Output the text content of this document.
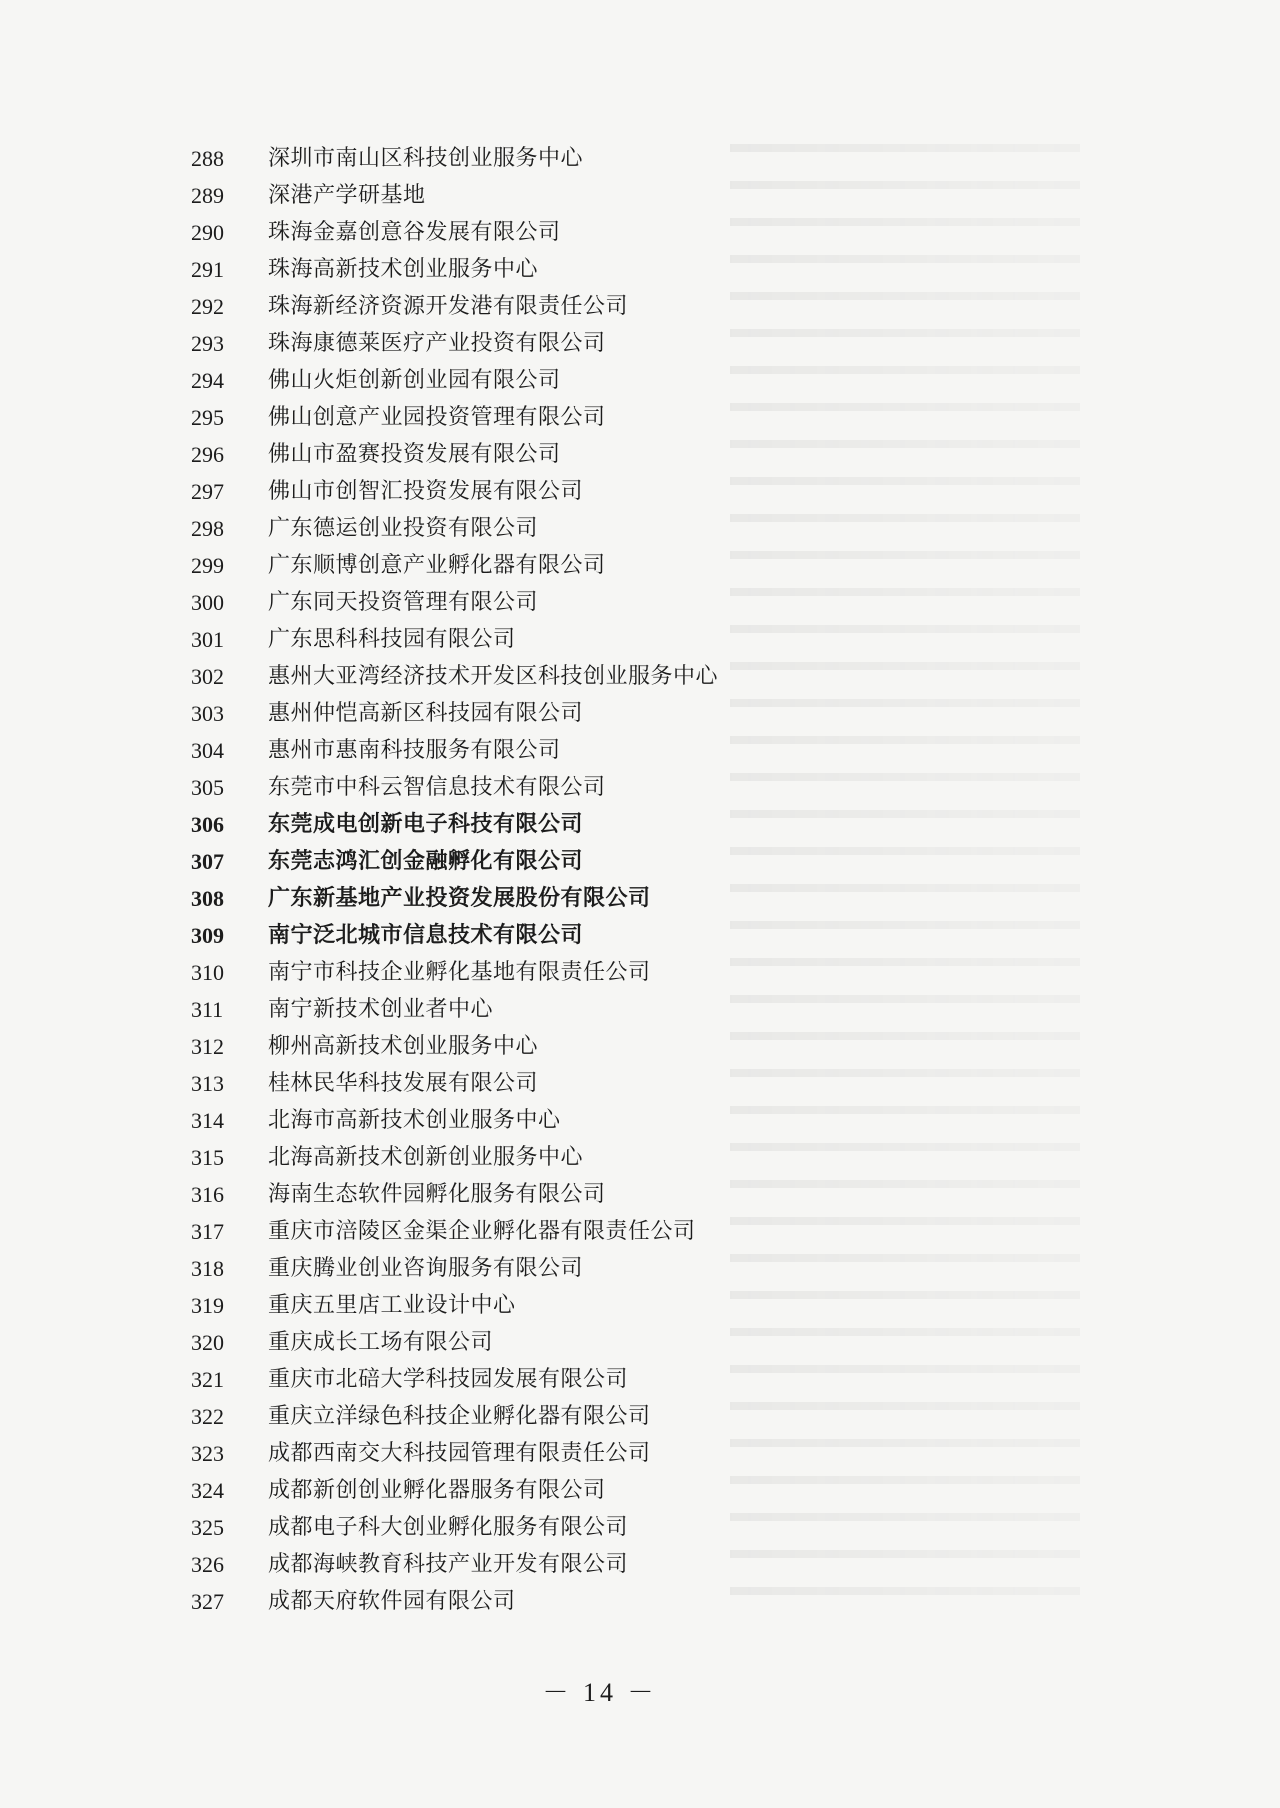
288 深圳市南山区科技创业服务中心
289 深港产学研基地
290 珠海金嘉创意谷发展有限公司
291 珠海高新技术创业服务中心
292 珠海新经济资源开发港有限责任公司
293 珠海康德莱医疗产业投资有限公司
294 佛山火炬创新创业园有限公司
295 佛山创意产业园投资管理有限公司
296 佛山市盈赛投资发展有限公司
297 佛山市创智汇投资发展有限公司
298 广东德运创业投资有限公司
299 广东顺博创意产业孵化器有限公司
300 广东同天投资管理有限公司
301 广东思科科技园有限公司
302 惠州大亚湾经济技术开发区科技创业服务中心
303 惠州仲恺高新区科技园有限公司
304 惠州市惠南科技服务有限公司
305 东莞市中科云智信息技术有限公司
306 东莞成电创新电子科技有限公司
307 东莞志鸿汇创金融孵化有限公司
308 广东新基地产业投资发展股份有限公司
309 南宁泛北城市信息技术有限公司
310 南宁市科技企业孵化基地有限责任公司
311 南宁新技术创业者中心
312 柳州高新技术创业服务中心
313 桂林民华科技发展有限公司
314 北海市高新技术创业服务中心
315 北海高新技术创新创业服务中心
316 海南生态软件园孵化服务有限公司
317 重庆市涪陵区金渠企业孵化器有限责任公司
318 重庆腾业创业咨询服务有限公司
319 重庆五里店工业设计中心
320 重庆成长工场有限公司
321 重庆市北碚大学科技园发展有限公司
322 重庆立洋绿色科技企业孵化器有限公司
323 成都西南交大科技园管理有限责任公司
324 成都新创创业孵化器服务有限公司
325 成都电子科大创业孵化服务有限公司
326 成都海峡教育科技产业开发有限公司
327 成都天府软件园有限公司
－ 14 －
